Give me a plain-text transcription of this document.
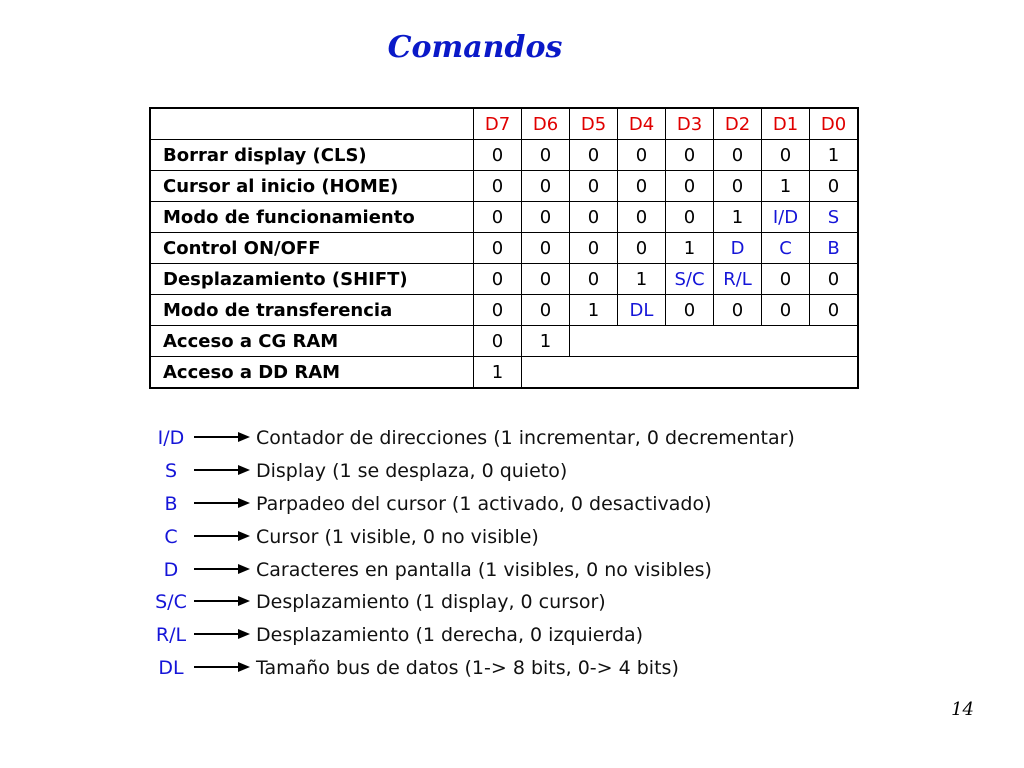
Comandos
	D7	D6	D5	D4	D3	D2	D1	D0
Borrar display (CLS)	0	0	0	0	0	0	0	1
Cursor al inicio (HOME)	0	0	0	0	0	0	1	0
Modo de funcionamiento	0	0	0	0	0	1	I/D	S
Control ON/OFF	0	0	0	0	1	D	C	B
Desplazamiento (SHIFT)	0	0	0	1	S/C	R/L	0	0
Modo de transferencia	0	0	1	DL	0	0	0	0
Acceso a CG RAM	0	1						
Acceso a DD RAM	1							
I/D	Contador de direcciones (1 incrementar, 0 decrementar)
S	Display (1 se desplaza, 0 quieto)
B	Parpadeo del cursor (1 activado, 0 desactivado)
C	Cursor (1 visible, 0 no visible)
D	Caracteres en pantalla (1 visibles, 0 no visibles)
S/C	Desplazamiento (1 display, 0 cursor)
R/L	Desplazamiento (1 derecha, 0 izquierda)
DL	Tamaño bus de datos (1-> 8 bits, 0-> 4 bits)
14
